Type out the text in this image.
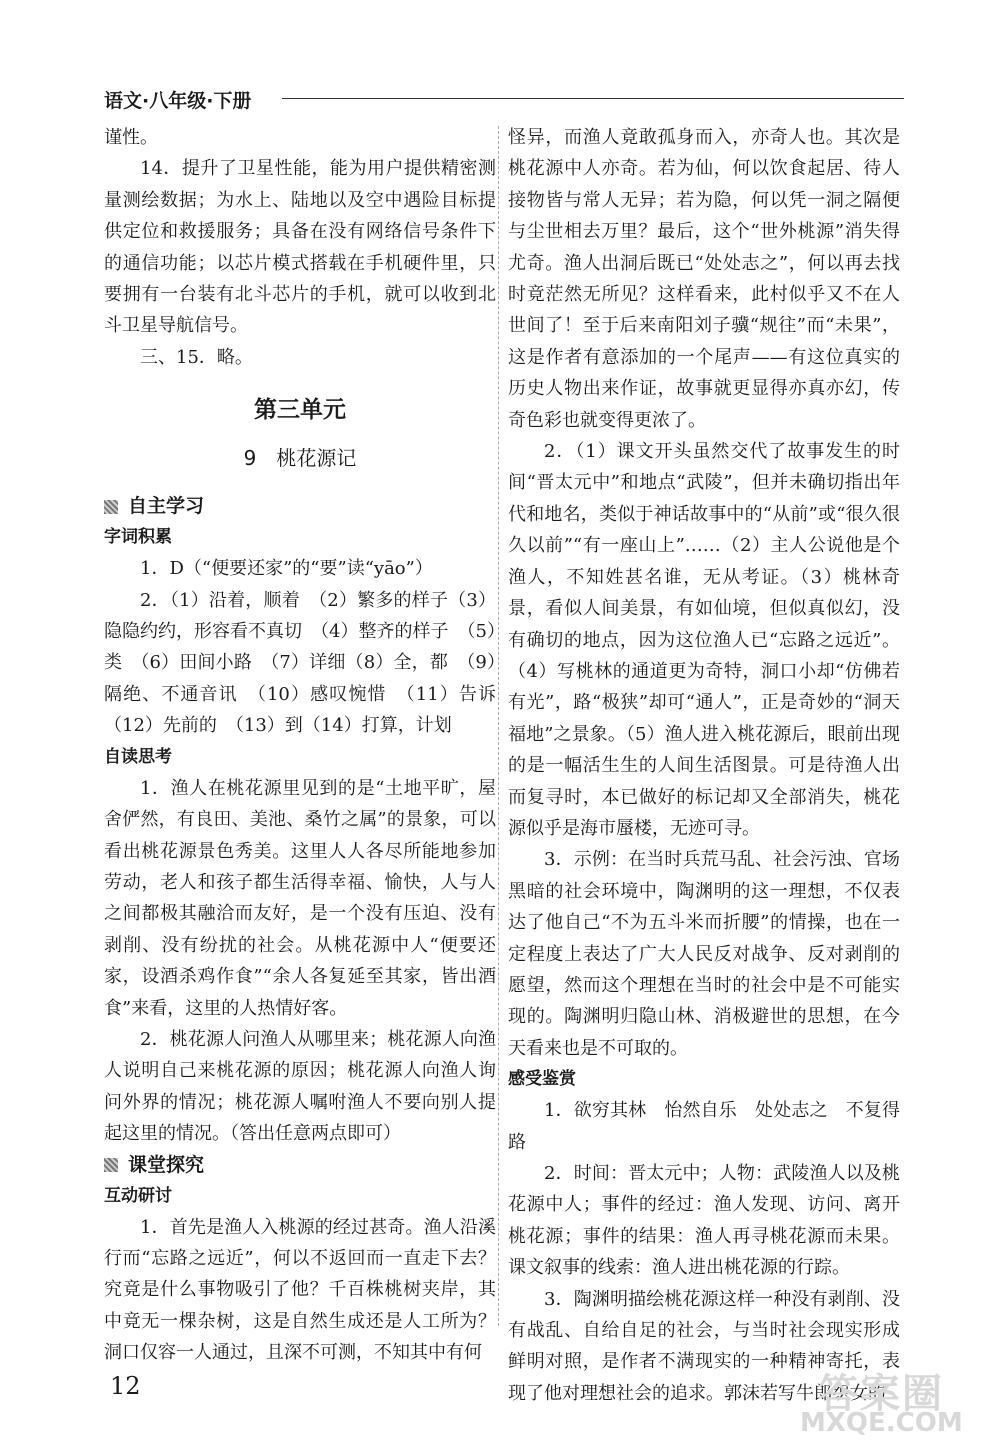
语文·八年级·下册

谨性。

14．提升了卫星性能，能为用户提供精密测量测绘数据；为水上、陆地以及空中遇险目标提供定位和救援服务；具备在没有网络信号条件下的通信功能；以芯片模式搭载在手机硬件里，只要拥有一台装有北斗芯片的手机，就可以收到北斗卫星导航信号。

三、15．略。

第三单元
9　桃花源记
自主学习
字词积累

1．D（“便要还家”的“要”读“yāo”）

2．（1）沿着，顺着　（2）繁多的样子（3）隐隐约约，形容看不真切　（4）整齐的样子　（5）类　（6）田间小路　（7）详细（8）全，都　（9）隔绝、不通音讯　（10）感叹惋惜　（11）告诉　（12）先前的　（13）到（14）打算，计划

自读思考

1．渔人在桃花源里见到的是“土地平旷，屋舍俨然，有良田、美池、桑竹之属”的景象，可以看出桃花源景色秀美。这里人人各尽所能地参加劳动，老人和孩子都生活得幸福、愉快，人与人之间都极其融洽而友好，是一个没有压迫、没有剥削、没有纷扰的社会。从桃花源中人“便要还家，设酒杀鸡作食”“余人各复延至其家，皆出酒食”来看，这里的人热情好客。

2．桃花源人问渔人从哪里来；桃花源人向渔人说明自己来桃花源的原因；桃花源人向渔人询问外界的情况；桃花源人嘱咐渔人不要向别人提起这里的情况。（答出任意两点即可）

课堂探究
互动研讨

1．首先是渔人入桃源的经过甚奇。渔人沿溪行而“忘路之远近”，何以不返回而一直走下去？究竟是什么事物吸引了他？千百株桃树夹岸，其中竟无一棵杂树，这是自然生成还是人工所为？洞口仅容一人通过，且深不可测，不知其中有何

怪异，而渔人竟敢孤身而入，亦奇人也。其次是桃花源中人亦奇。若为仙，何以饮食起居、待人接物皆与常人无异；若为隐，何以凭一洞之隔便与尘世相去万里？最后，这个“世外桃源”消失得尤奇。渔人出洞后既已“处处志之”，何以再去找时竟茫然无所见？这样看来，此村似乎又不在人世间了！至于后来南阳刘子骥“规往”而“未果”，这是作者有意添加的一个尾声——有这位真实的历史人物出来作证，故事就更显得亦真亦幻，传奇色彩也就变得更浓了。

2．（1）课文开头虽然交代了故事发生的时间“晋太元中”和地点“武陵”，但并未确切指出年代和地名，类似于神话故事中的“从前”或“很久很久以前”“有一座山上”……（2）主人公说他是个渔人，不知姓甚名谁，无从考证。（3）桃林奇景，看似人间美景，有如仙境，但似真似幻，没有确切的地点，因为这位渔人已“忘路之远近”。（4）写桃林的通道更为奇特，洞口小却“仿佛若有光”，路“极狭”却可“通人”，正是奇妙的“洞天福地”之景象。（5）渔人进入桃花源后，眼前出现的是一幅活生生的人间生活图景。可是待渔人出而复寻时，本已做好的标记却又全部消失，桃花源似乎是海市蜃楼，无迹可寻。

3．示例：在当时兵荒马乱、社会污浊、官场黑暗的社会环境中，陶渊明的这一理想，不仅表达了他自己“不为五斗米而折腰”的情操，也在一定程度上表达了广大人民反对战争、反对剥削的愿望，然而这个理想在当时的社会中是不可能实现的。陶渊明归隐山林、消极避世的思想，在今天看来也是不可取的。

感受鉴赏

1．欲穷其林　怡然自乐　处处志之　不复得路

2．时间：晋太元中；人物：武陵渔人以及桃花源中人；事件的经过：渔人发现、访问、离开桃花源；事件的结果：渔人再寻桃花源而未果。课文叙事的线索：渔人进出桃花源的行踪。

3．陶渊明描绘桃花源这样一种没有剥削、没有战乱、自给自足的社会，与当时社会现实形成鲜明对照，是作者不满现实的一种精神寄托，表现了他对理想社会的追求。郭沫若写牛郎织女的

12	答案圈
MXQE.COM
